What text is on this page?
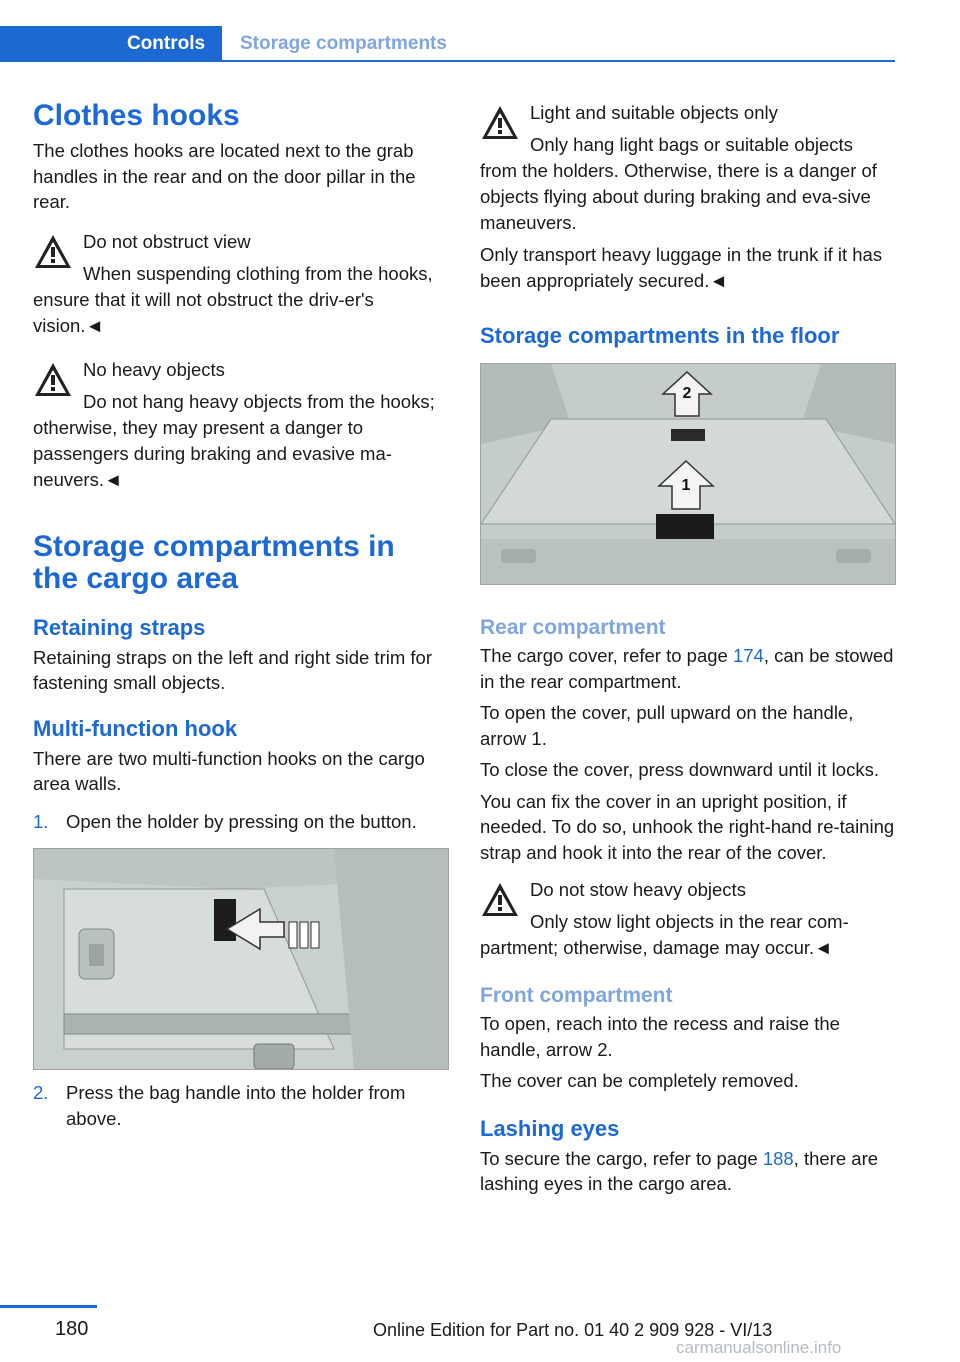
Controls Storage compartments
Clothes hooks

The clothes hooks are located next to the grab handles in the rear and on the door pillar in the rear.

Do not obstruct view

When suspending clothing from the hooks, ensure that it will not obstruct the driv‐er's vision.◄

No heavy objects

Do not hang heavy objects from the hooks; otherwise, they may present a danger to passengers during braking and evasive ma‐neuvers.◄

Storage compartments in the cargo area
Retaining straps

Retaining straps on the left and right side trim for fastening small objects.

Multi-function hook

There are two multi-function hooks on the cargo area walls.

1. Open the holder by pressing on the button.
2. Press the bag handle into the holder from above.

Light and suitable objects only

Only hang light bags or suitable objects from the holders. Otherwise, there is a danger of objects flying about during braking and eva‐sive maneuvers.

Only transport heavy luggage in the trunk if it has been appropriately secured.◄

Storage compartments in the floor
2
1
Rear compartment

The cargo cover, refer to page 174, can be stowed in the rear compartment.

To open the cover, pull upward on the handle, arrow 1.

To close the cover, press downward until it locks.

You can fix the cover in an upright position, if needed. To do so, unhook the right-hand re‐taining strap and hook it into the rear of the cover.

Do not stow heavy objects

Only stow light objects in the rear com‐partment; otherwise, damage may occur.◄

Front compartment

To open, reach into the recess and raise the handle, arrow 2.

The cover can be completely removed.

Lashing eyes

To secure the cargo, refer to page 188, there are lashing eyes in the cargo area.

180	Online Edition for Part no. 01 40 2 909 928 - VI/13
carmanualsonline.info
